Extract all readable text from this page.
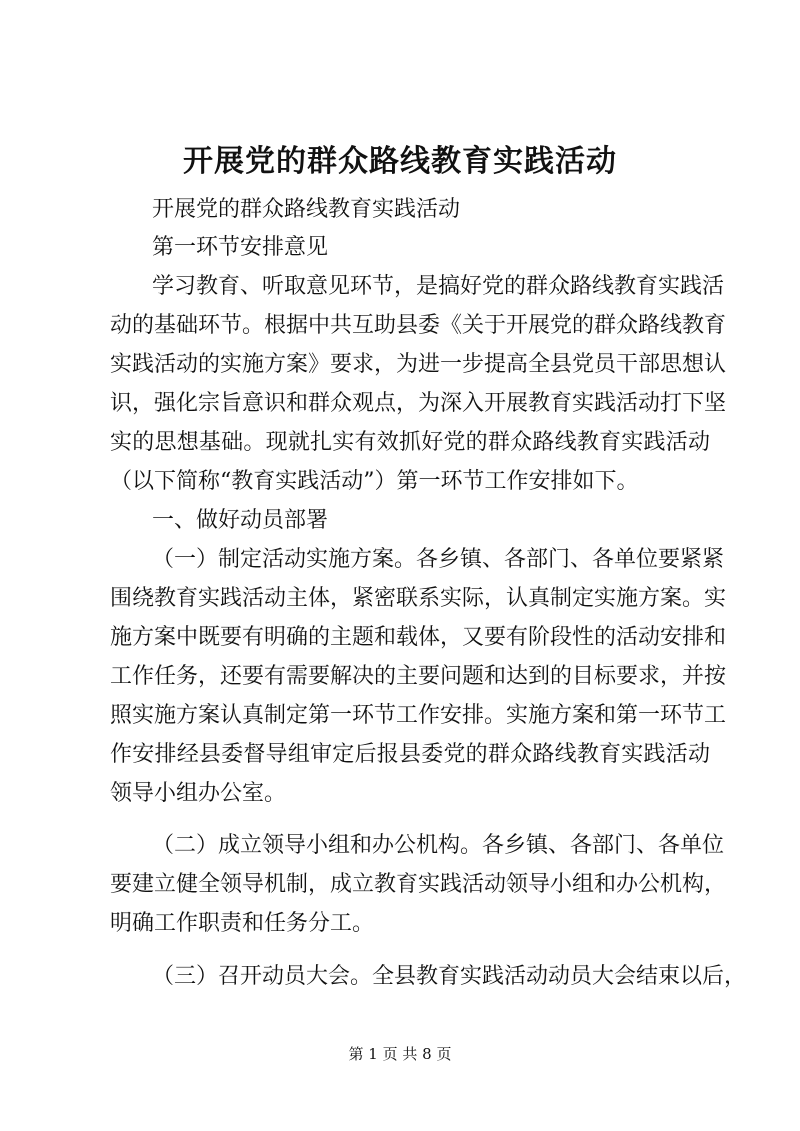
开展党的群众路线教育实践活动
开展党的群众路线教育实践活动
第一环节安排意见
学习教育、听取意见环节，是搞好党的群众路线教育实践活
动的基础环节。根据中共互助县委《关于开展党的群众路线教育
实践活动的实施方案》要求，为进一步提高全县党员干部思想认
识，强化宗旨意识和群众观点，为深入开展教育实践活动打下坚
实的思想基础。现就扎实有效抓好党的群众路线教育实践活动
（以下简称“教育实践活动”）第一环节工作安排如下。
一、做好动员部署
（一）制定活动实施方案。各乡镇、各部门、各单位要紧紧
围绕教育实践活动主体，紧密联系实际，认真制定实施方案。实
施方案中既要有明确的主题和载体，又要有阶段性的活动安排和
工作任务，还要有需要解决的主要问题和达到的目标要求，并按
照实施方案认真制定第一环节工作安排。实施方案和第一环节工
作安排经县委督导组审定后报县委党的群众路线教育实践活动
领导小组办公室。
（二）成立领导小组和办公机构。各乡镇、各部门、各单位
要建立健全领导机制，成立教育实践活动领导小组和办公机构，
明确工作职责和任务分工。
（三）召开动员大会。全县教育实践活动动员大会结束以后，
第 1 页 共 8 页
